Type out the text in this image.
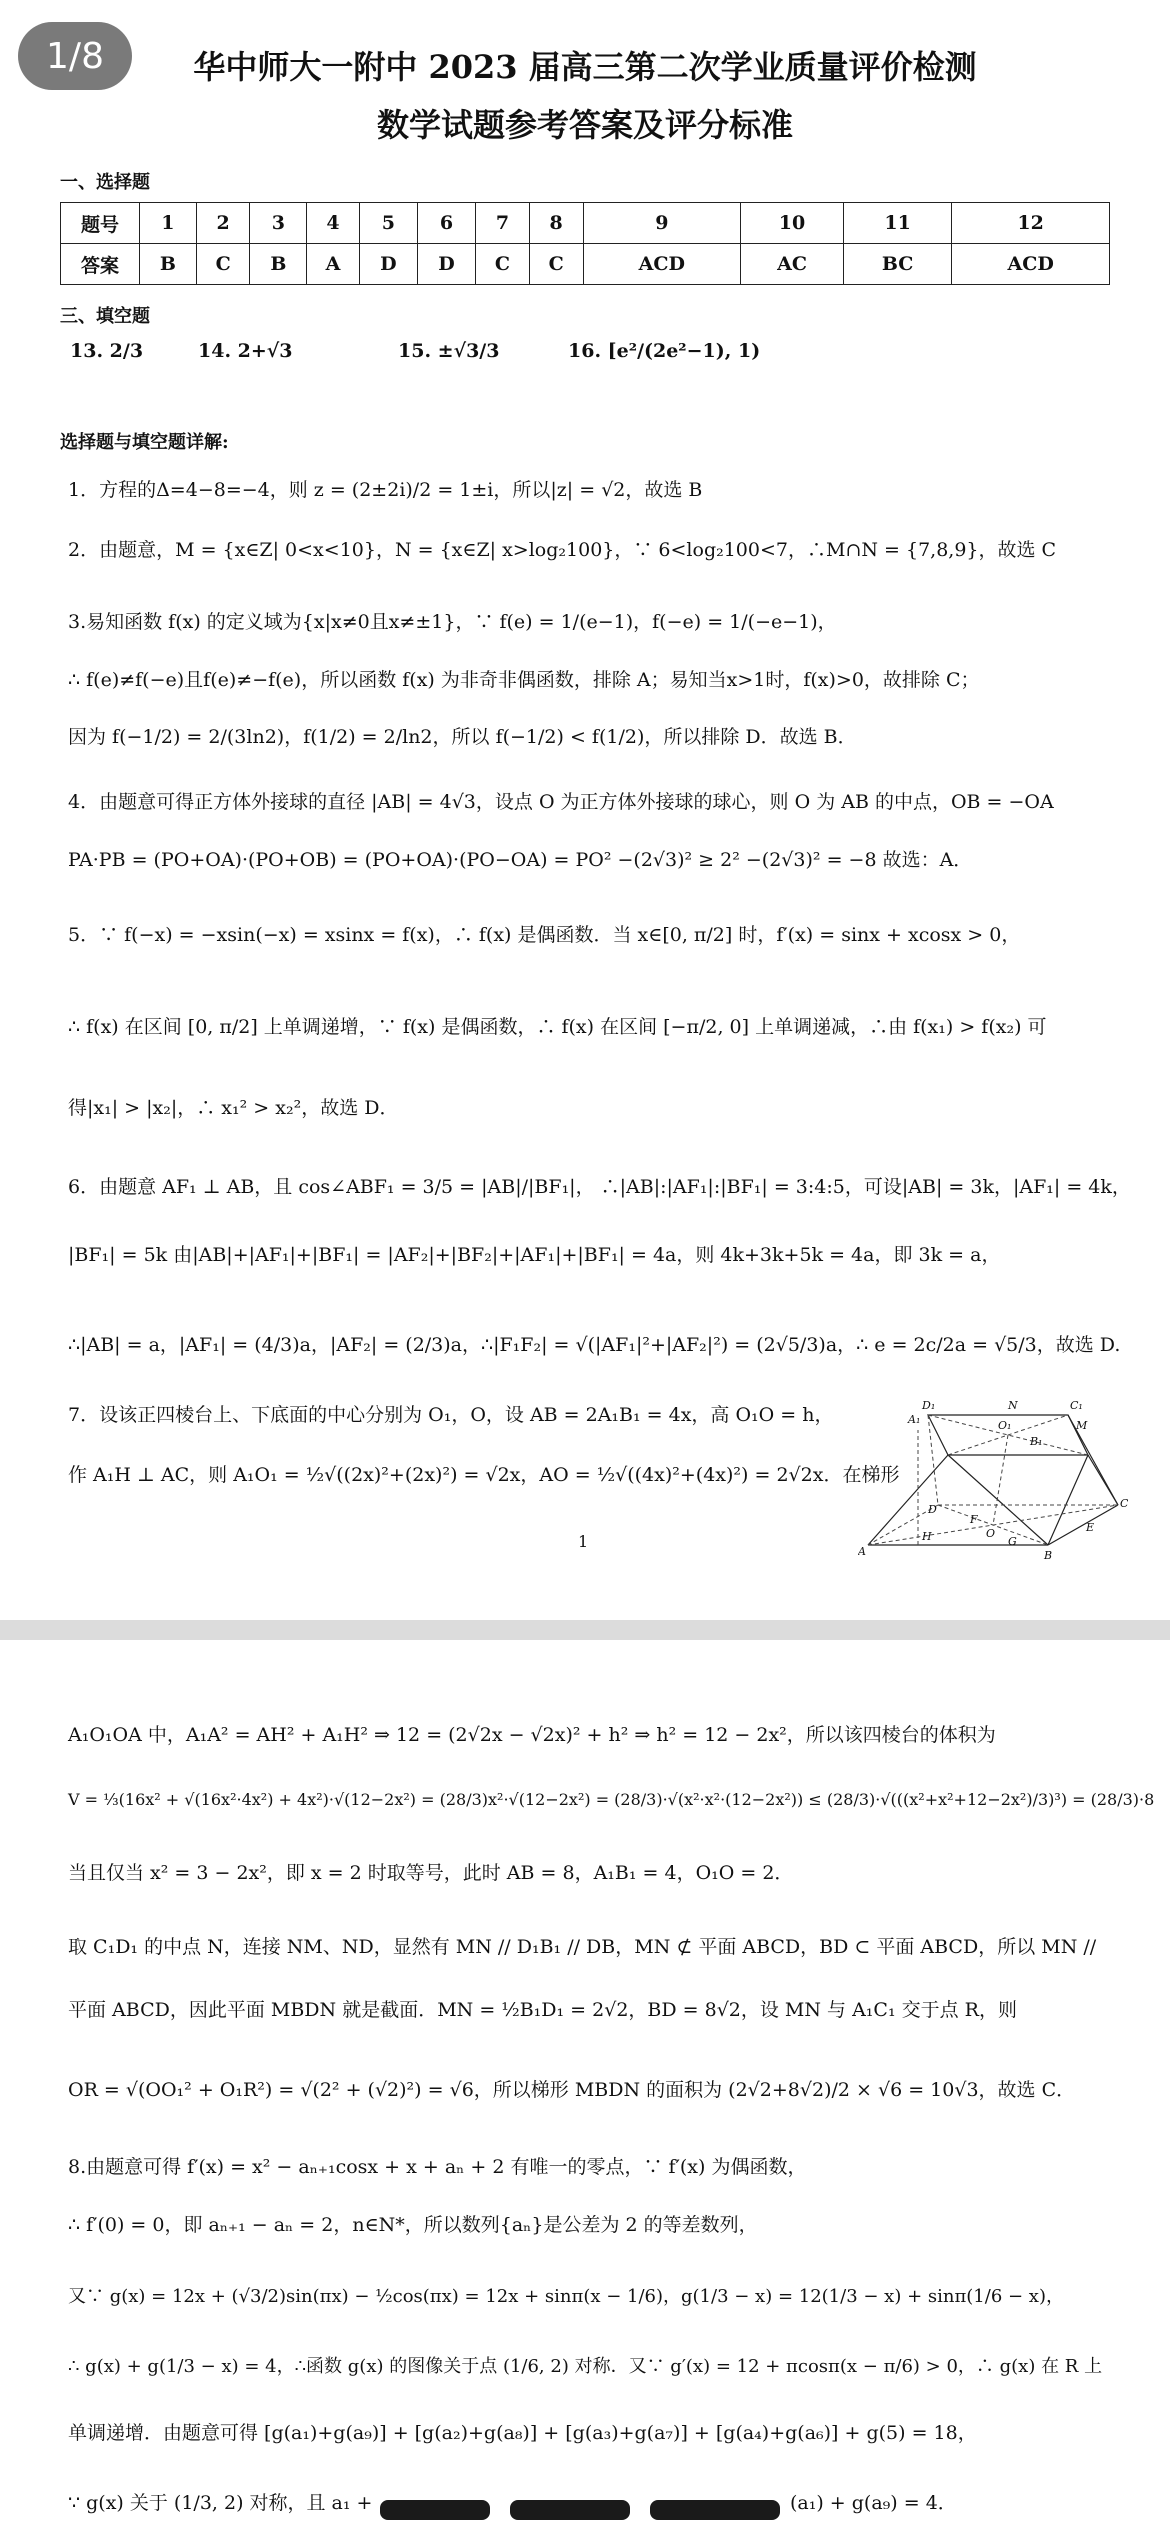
1/8	华中师大一附中 2023 届高三第二次学业质量评价检测
数学试题参考答案及评分标准
一、选择题
题号	1	2	3	4	5	6	7	8	9	10	11	12
答案	B	C	B	A	D	D	C	C	ACD	AC	BC	ACD
三、填空题
13. 2/3	14. 2+√3	15. ±√3/3	16. [e²/(2e²−1), 1)
选择题与填空题详解:
1．方程的Δ=4−8=−4，则 z = (2±2i)/2 = 1±i，所以|z| = √2，故选 B
2．由题意，M = {x∈Z| 0<x<10}，N = {x∈Z| x>log₂100}，∵ 6<log₂100<7，∴M∩N = {7,8,9}，故选 C
3.易知函数 f(x) 的定义域为{x|x≠0且x≠±1}，∵ f(e) = 1/(e−1)，f(−e) = 1/(−e−1)，
∴ f(e)≠f(−e)且f(e)≠−f(e)，所以函数 f(x) 为非奇非偶函数，排除 A；易知当x>1时，f(x)>0，故排除 C；
因为 f(−1/2) = 2/(3ln2)，f(1/2) = 2/ln2，所以 f(−1/2) < f(1/2)，所以排除 D．故选 B．
4．由题意可得正方体外接球的直径 |AB| = 4√3，设点 O 为正方体外接球的球心，则 O 为 AB 的中点，OB = −OA
PA·PB = (PO+OA)·(PO+OB) = (PO+OA)·(PO−OA) = PO² −(2√3)² ≥ 2² −(2√3)² = −8 故选：A．
5．∵ f(−x) = −xsin(−x) = xsinx = f(x)，∴ f(x) 是偶函数．当 x∈[0, π/2] 时，f′(x) = sinx + xcosx > 0，
∴ f(x) 在区间 [0, π/2] 上单调递增，∵ f(x) 是偶函数，∴ f(x) 在区间 [−π/2, 0] 上单调递减，∴由 f(x₁) > f(x₂) 可
得|x₁| > |x₂|，∴ x₁² > x₂²，故选 D．
6．由题意 AF₁ ⊥ AB，且 cos∠ABF₁ = 3/5 = |AB|/|BF₁|， ∴|AB|:|AF₁|:|BF₁| = 3:4:5，可设|AB| = 3k，|AF₁| = 4k，
|BF₁| = 5k 由|AB|+|AF₁|+|BF₁| = |AF₂|+|BF₂|+|AF₁|+|BF₁| = 4a，则 4k+3k+5k = 4a，即 3k = a，
∴|AB| = a，|AF₁| = (4/3)a，|AF₂| = (2/3)a，∴|F₁F₂| = √(|AF₁|²+|AF₂|²) = (2√5/3)a，∴ e = 2c/2a = √5/3，故选 D.
7．设该正四棱台上、下底面的中心分别为 O₁，O，设 AB = 2A₁B₁ = 4x，高 O₁O = h，
作 A₁H ⊥ AC，则 A₁O₁ = ½√((2x)²+(2x)²) = √2x，AO = ½√((4x)²+(4x)²) = 2√2x．在梯形
D₁	N	C₁
A₁	O₁	M
B₁
D	C
A
H	O
G
B
E
F
1
A₁O₁OA 中，A₁A² = AH² + A₁H² ⇒ 12 = (2√2x − √2x)² + h² ⇒ h² = 12 − 2x²，所以该四棱台的体积为
V = ⅓(16x² + √(16x²·4x²) + 4x²)·√(12−2x²) = (28/3)x²·√(12−2x²) = (28/3)·√(x²·x²·(12−2x²)) ≤ (28/3)·√(((x²+x²+12−2x²)/3)³) = (28/3)·8
当且仅当 x² = 3 − 2x²，即 x = 2 时取等号，此时 AB = 8，A₁B₁ = 4，O₁O = 2．
取 C₁D₁ 的中点 N，连接 NM、ND，显然有 MN // D₁B₁ // DB，MN ⊄ 平面 ABCD，BD ⊂ 平面 ABCD，所以 MN //
平面 ABCD，因此平面 MBDN 就是截面．MN = ½B₁D₁ = 2√2，BD = 8√2，设 MN 与 A₁C₁ 交于点 R，则
OR = √(OO₁² + O₁R²) = √(2² + (√2)²) = √6，所以梯形 MBDN 的面积为 (2√2+8√2)/2 × √6 = 10√3，故选 C．
8.由题意可得 f′(x) = x² − aₙ₊₁cosx + x + aₙ + 2 有唯一的零点，∵ f′(x) 为偶函数，
∴ f′(0) = 0，即 aₙ₊₁ − aₙ = 2，n∈N*，所以数列{aₙ}是公差为 2 的等差数列，
又∵ g(x) = 12x + (√3/2)sin(πx) − ½cos(πx) = 12x + sinπ(x − 1/6)，g(1/3 − x) = 12(1/3 − x) + sinπ(1/6 − x)，
∴ g(x) + g(1/3 − x) = 4，∴函数 g(x) 的图像关于点 (1/6, 2) 对称．又∵ g′(x) = 12 + πcosπ(x − π/6) > 0，∴ g(x) 在 R 上
单调递增．由题意可得 [g(a₁)+g(a₉)] + [g(a₂)+g(a₈)] + [g(a₃)+g(a₇)] + [g(a₄)+g(a₆)] + g(5) = 18，
∵ g(x) 关于 (1/3, 2) 对称，且 a₁ +	(a₁) + g(a₉) = 4．
